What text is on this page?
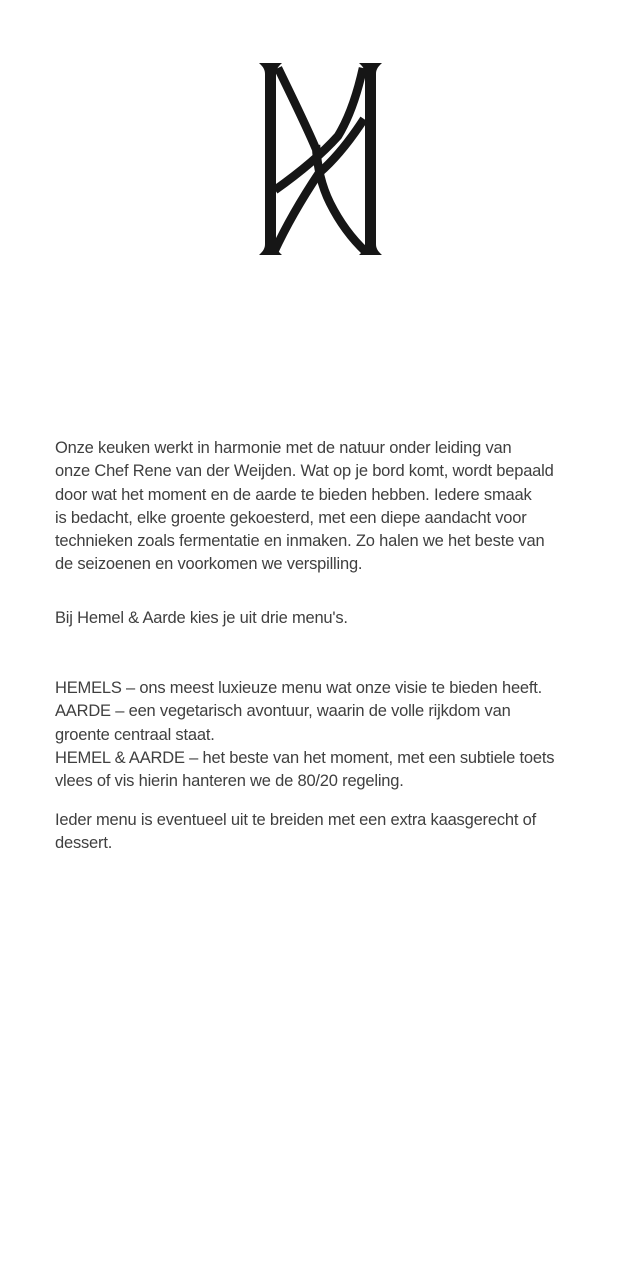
Onze keuken werkt in harmonie met de natuur onder leiding van
onze Chef Rene van der Weijden. Wat op je bord komt, wordt bepaald
door wat het moment en de aarde te bieden hebben. Iedere smaak
is bedacht, elke groente gekoesterd, met een diepe aandacht voor
technieken zoals fermentatie en inmaken. Zo halen we het beste van
de seizoenen en voorkomen we verspilling.
Bij Hemel & Aarde kies je uit drie menu's.
HEMELS – ons meest luxieuze menu wat onze visie te bieden heeft.
AARDE – een vegetarisch avontuur, waarin de volle rijkdom van
groente centraal staat.
HEMEL & AARDE – het beste van het moment, met een subtiele toets
vlees of vis hierin hanteren we de 80/20 regeling.
Ieder menu is eventueel uit te breiden met een extra kaasgerecht of
dessert.
